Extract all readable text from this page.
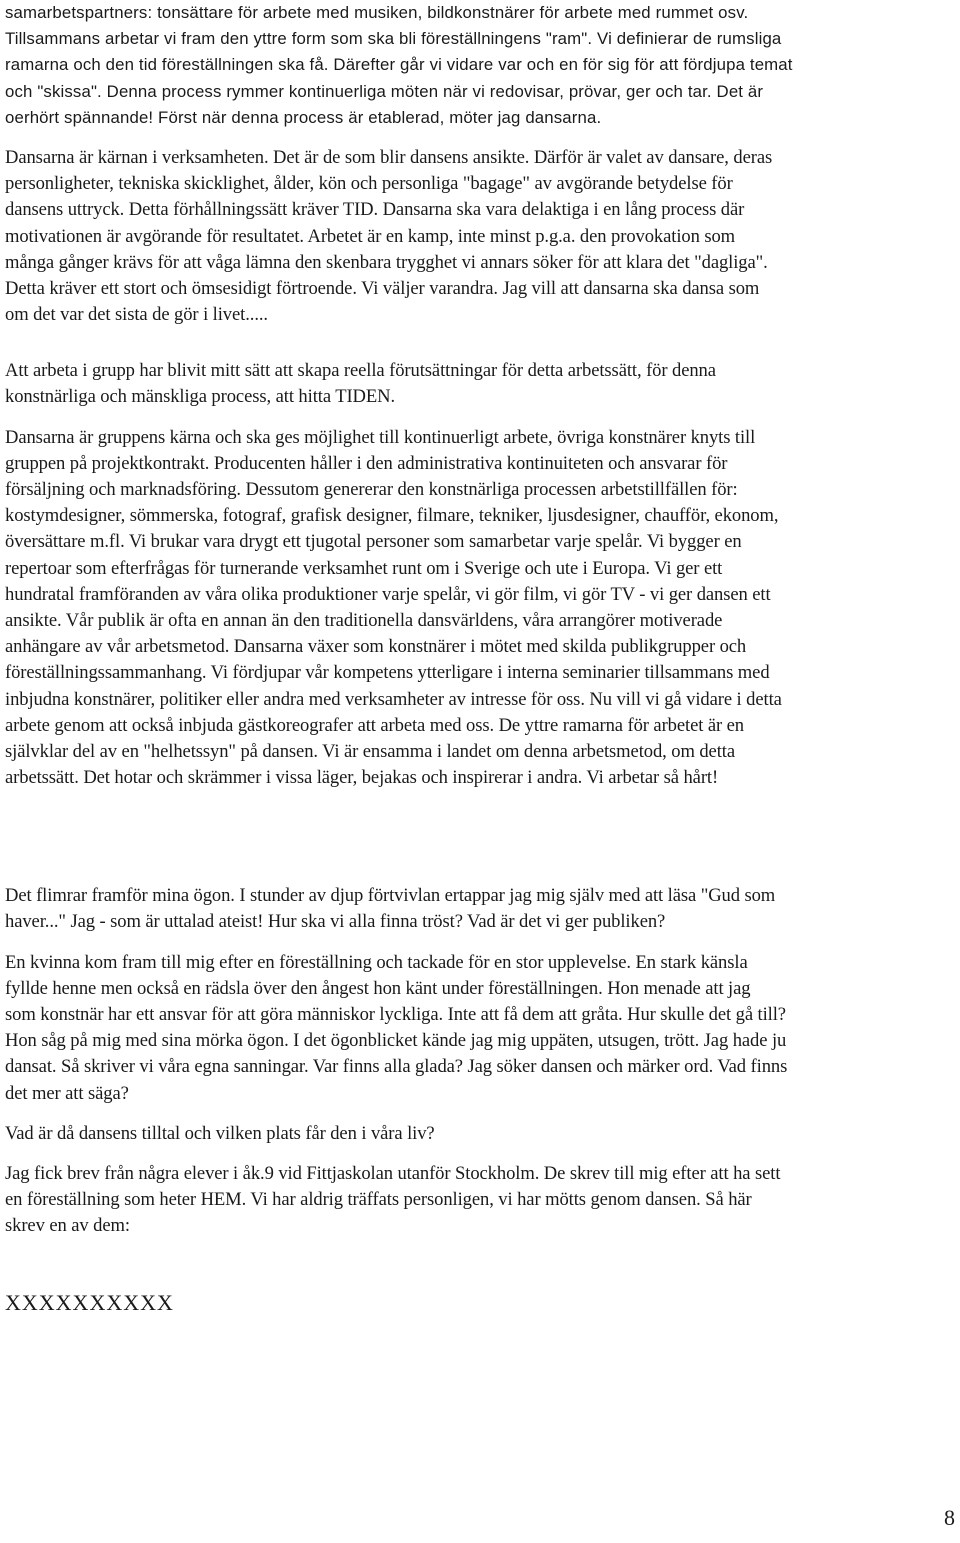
samarbetspartners: tonsättare för arbete med musiken, bildkonstnärer för arbete med rummet osv.
Tillsammans arbetar vi fram den yttre form som ska bli föreställningens "ram". Vi definierar de rumsliga
ramarna och den tid föreställningen ska få. Därefter går vi vidare var och en för sig för att fördjupa temat
och "skissa". Denna process rymmer kontinuerliga möten när vi redovisar, prövar, ger och tar. Det är
oerhört spännande! Först när denna process är etablerad, möter jag dansarna.
Dansarna är kärnan i verksamheten. Det är de som blir dansens ansikte. Därför är valet av dansare, deras
personligheter, tekniska skicklighet, ålder, kön och personliga "bagage" av avgörande betydelse för
dansens uttryck. Detta förhållningssätt kräver TID. Dansarna ska vara delaktiga i en lång process där
motivationen är avgörande för resultatet. Arbetet är en kamp, inte minst p.g.a. den provokation som
många gånger krävs för att våga lämna den skenbara trygghet vi annars söker för att klara det "dagliga".
Detta kräver ett stort och ömsesidigt förtroende. Vi väljer varandra. Jag vill att dansarna ska dansa som
om det var det sista de gör i livet.....
Att arbeta i grupp har blivit mitt sätt att skapa reella förutsättningar för detta arbetssätt, för denna
konstnärliga och mänskliga process, att hitta TIDEN.
Dansarna är gruppens kärna och ska ges möjlighet till kontinuerligt arbete, övriga konstnärer knyts till
gruppen på projektkontrakt. Producenten håller i den administrativa kontinuiteten och ansvarar för
försäljning och marknadsföring. Dessutom genererar den konstnärliga processen arbetstillfällen för:
kostymdesigner, sömmerska, fotograf, grafisk designer, filmare, tekniker, ljusdesigner, chaufför, ekonom,
översättare m.fl. Vi brukar vara drygt ett tjugotal personer som samarbetar varje spelår. Vi bygger en
repertoar som efterfrågas för turnerande verksamhet runt om i Sverige och ute i Europa. Vi ger ett
hundratal framföranden av våra olika produktioner varje spelår, vi gör film, vi gör TV - vi ger dansen ett
ansikte. Vår publik är ofta en annan än den traditionella dansvärldens, våra arrangörer motiverade
anhängare av vår arbetsmetod. Dansarna växer som konstnärer i mötet med skilda publikgrupper och
föreställningssammanhang. Vi fördjupar vår kompetens ytterligare i interna seminarier tillsammans med
inbjudna konstnärer, politiker eller andra med verksamheter av intresse för oss. Nu vill vi gå vidare i detta
arbete genom att också inbjuda gästkoreografer att arbeta med oss. De yttre ramarna för arbetet är en
självklar del av en "helhetssyn" på dansen. Vi är ensamma i landet om denna arbetsmetod, om detta
arbetssätt. Det hotar och skrämmer i vissa läger, bejakas och inspirerar i andra. Vi arbetar så hårt!
Det flimrar framför mina ögon. I stunder av djup förtvivlan ertappar jag mig själv med att läsa "Gud som
haver..." Jag - som är uttalad ateist! Hur ska vi alla finna tröst? Vad är det vi ger publiken?
En kvinna kom fram till mig efter en föreställning och tackade för en stor upplevelse. En stark känsla
fyllde henne men också en rädsla över den ångest hon känt under föreställningen. Hon menade att jag
som konstnär har ett ansvar för att göra människor lyckliga. Inte att få dem att gråta. Hur skulle det gå till?
Hon såg på mig med sina mörka ögon. I det ögonblicket kände jag mig uppäten, utsugen, trött. Jag hade ju
dansat. Så skriver vi våra egna sanningar. Var finns alla glada? Jag söker dansen och märker ord. Vad finns
det mer att säga?
Vad är då dansens tilltal och vilken plats får den i våra liv?
Jag fick brev från några elever i åk.9 vid Fittjaskolan utanför Stockholm. De skrev till mig efter att ha sett
en föreställning som heter HEM. Vi har aldrig träffats personligen, vi har mötts genom dansen. Så här
skrev en av dem:
XXXXXXXXXX
8
